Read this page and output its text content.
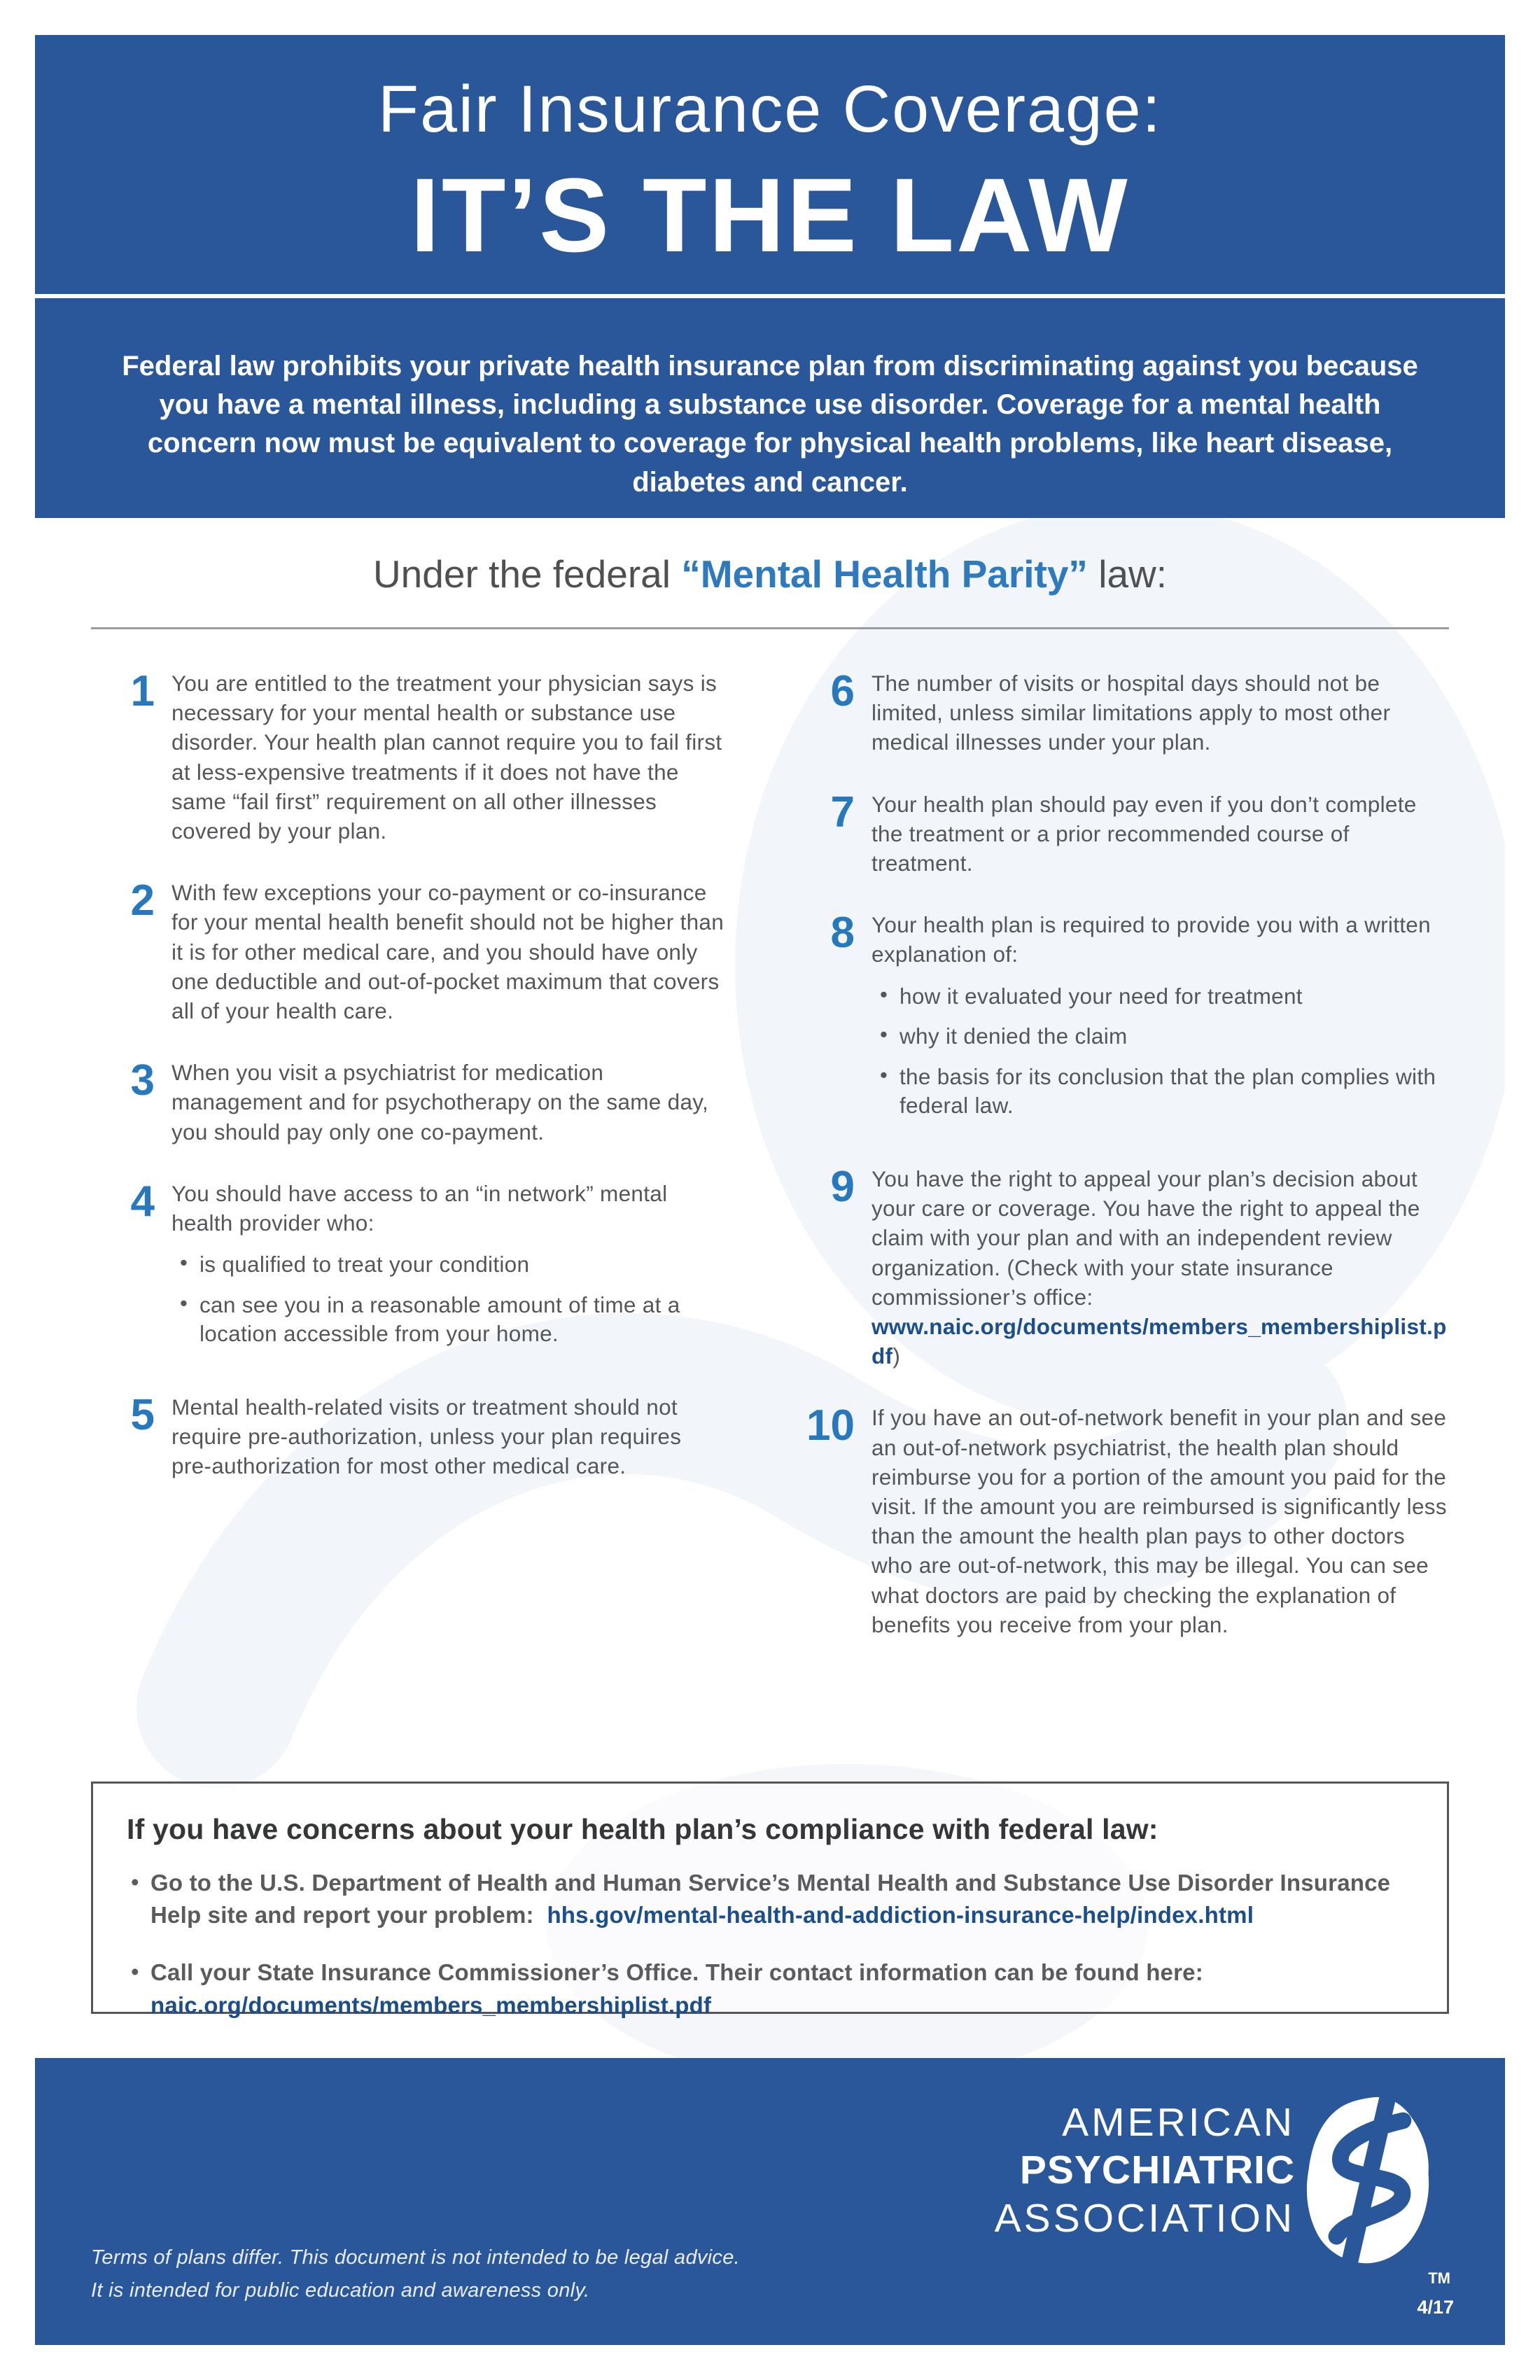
Fair Insurance Coverage:
IT’S THE LAW
Federal law prohibits your private health insurance plan from discriminating against you because you have a mental illness, including a substance use disorder. Coverage for a mental health concern now must be equivalent to coverage for physical health problems, like heart disease, diabetes and cancer.
Under the federal “Mental Health Parity” law:
1 You are entitled to the treatment your physician says is necessary for your mental health or substance use disorder. Your health plan cannot require you to fail first at less-expensive treatments if it does not have the same “fail first” requirement on all other illnesses covered by your plan.
2 With few exceptions your co-payment or co-insurance for your mental health benefit should not be higher than it is for other medical care, and you should have only one deductible and out-of-pocket maximum that covers all of your health care.
3 When you visit a psychiatrist for medication management and for psychotherapy on the same day, you should pay only one co-payment.
4 You should have access to an “in network” mental health provider who:
• is qualified to treat your condition
• can see you in a reasonable amount of time at a location accessible from your home.
5 Mental health-related visits or treatment should not require pre-authorization, unless your plan requires pre-authorization for most other medical care.
6 The number of visits or hospital days should not be limited, unless similar limitations apply to most other medical illnesses under your plan.
7 Your health plan should pay even if you don’t complete the treatment or a prior recommended course of treatment.
8 Your health plan is required to provide you with a written explanation of:
• how it evaluated your need for treatment
• why it denied the claim
• the basis for its conclusion that the plan complies with federal law.
9 You have the right to appeal your plan’s decision about your care or coverage. You have the right to appeal the claim with your plan and with an independent review organization. (Check with your state insurance commissioner’s office: www.naic.org/documents/members_membershiplist.pdf)
10 If you have an out-of-network benefit in your plan and see an out-of-network psychiatrist, the health plan should reimburse you for a portion of the amount you paid for the visit. If the amount you are reimbursed is significantly less than the amount the health plan pays to other doctors who are out-of-network, this may be illegal. You can see what doctors are paid by checking the explanation of benefits you receive from your plan.
If you have concerns about your health plan’s compliance with federal law:
• Go to the U.S. Department of Health and Human Service’s Mental Health and Substance Use Disorder Insurance Help site and report your problem:  hhs.gov/mental-health-and-addiction-insurance-help/index.html
• Call your State Insurance Commissioner’s Office. Their contact information can be found here:
naic.org/documents/members_membershiplist.pdf
AMERICAN
PSYCHIATRIC
ASSOCIATION
TM
Terms of plans differ. This document is not intended to be legal advice.
It is intended for public education and awareness only.
4/17
